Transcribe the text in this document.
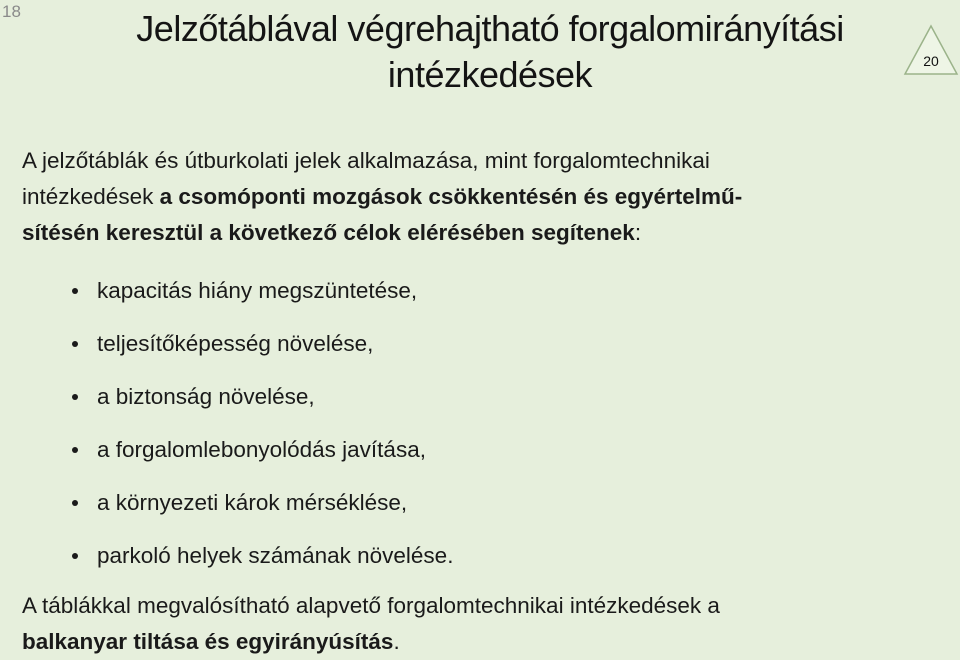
18	Jelzőtáblával végrehajtható forgalomirányítási
intézkedések	20
A jelzőtáblák és útburkolati jelek alkalmazása, mint forgalomtechnikai
intézkedések a csomóponti mozgások csökkentésén és egyértelmű-
sítésén keresztül a következő célok elérésében segítenek:
kapacitás hiány megszüntetése,
teljesítőképesség növelése,
a biztonság növelése,
a forgalomlebonyolódás javítása,
a környezeti károk mérséklése,
parkoló helyek számának növelése.
A táblákkal megvalósítható alapvető forgalomtechnikai intézkedések a
balkanyar tiltása és egyirányúsítás.
